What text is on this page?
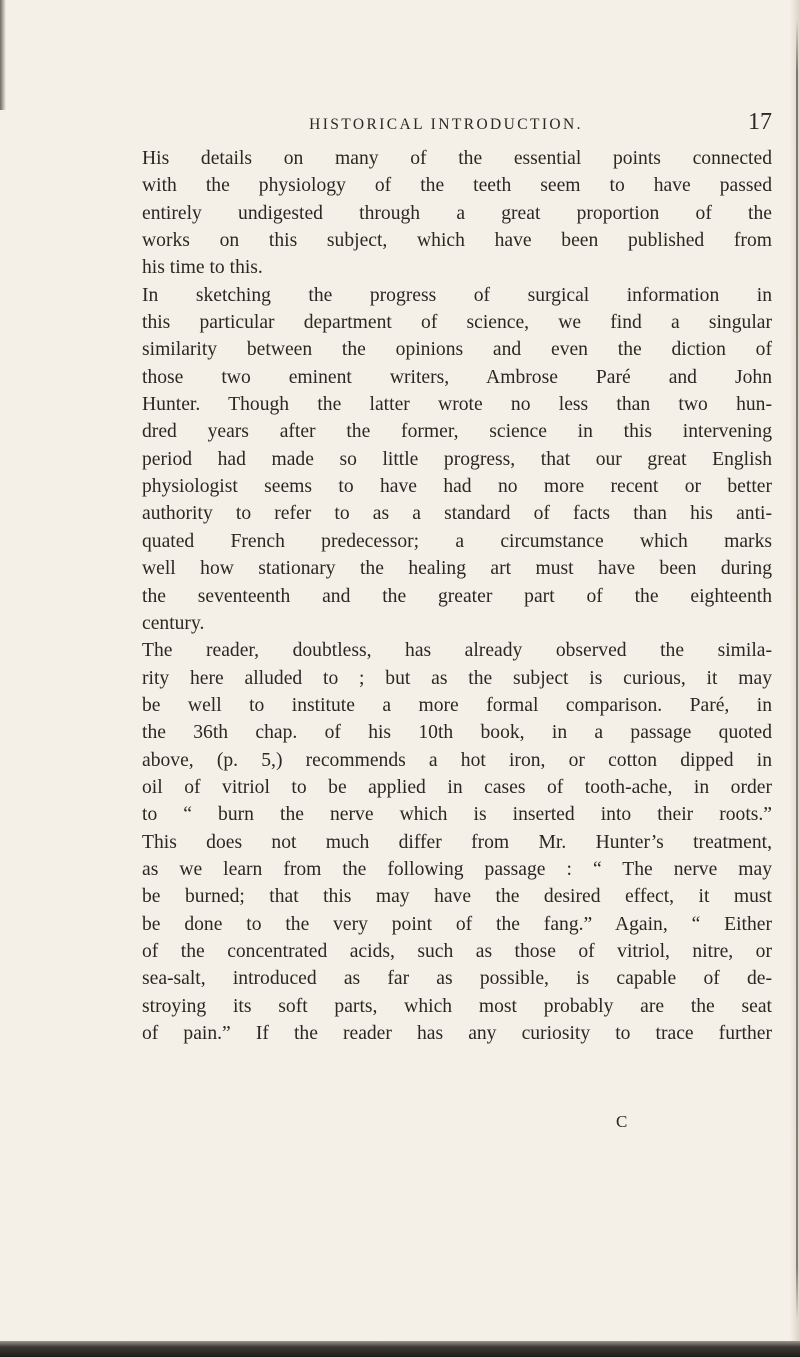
HISTORICAL INTRODUCTION.	17
His details on many of the essential points connected
with the physiology of the teeth seem to have passed
entirely undigested through a great proportion of the
works on this subject, which have been published from
his time to this.
In sketching the progress of surgical information in
this particular department of science, we find a singular
similarity between the opinions and even the diction of
those two eminent writers, Ambrose Paré and John
Hunter. Though the latter wrote no less than two hun-
dred years after the former, science in this intervening
period had made so little progress, that our great English
physiologist seems to have had no more recent or better
authority to refer to as a standard of facts than his anti-
quated French predecessor; a circumstance which marks
well how stationary the healing art must have been during
the seventeenth and the greater part of the eighteenth
century.
The reader, doubtless, has already observed the simila-
rity here alluded to ; but as the subject is curious, it may
be well to institute a more formal comparison. Paré, in
the 36th chap. of his 10th book, in a passage quoted
above, (p. 5,) recommends a hot iron, or cotton dipped in
oil of vitriol to be applied in cases of tooth-ache, in order
to “ burn the nerve which is inserted into their roots.”
This does not much differ from Mr. Hunter’s treatment,
as we learn from the following passage : “ The nerve may
be burned; that this may have the desired effect, it must
be done to the very point of the fang.” Again, “ Either
of the concentrated acids, such as those of vitriol, nitre, or
sea-salt, introduced as far as possible, is capable of de-
stroying its soft parts, which most probably are the seat
of pain.” If the reader has any curiosity to trace further
C
